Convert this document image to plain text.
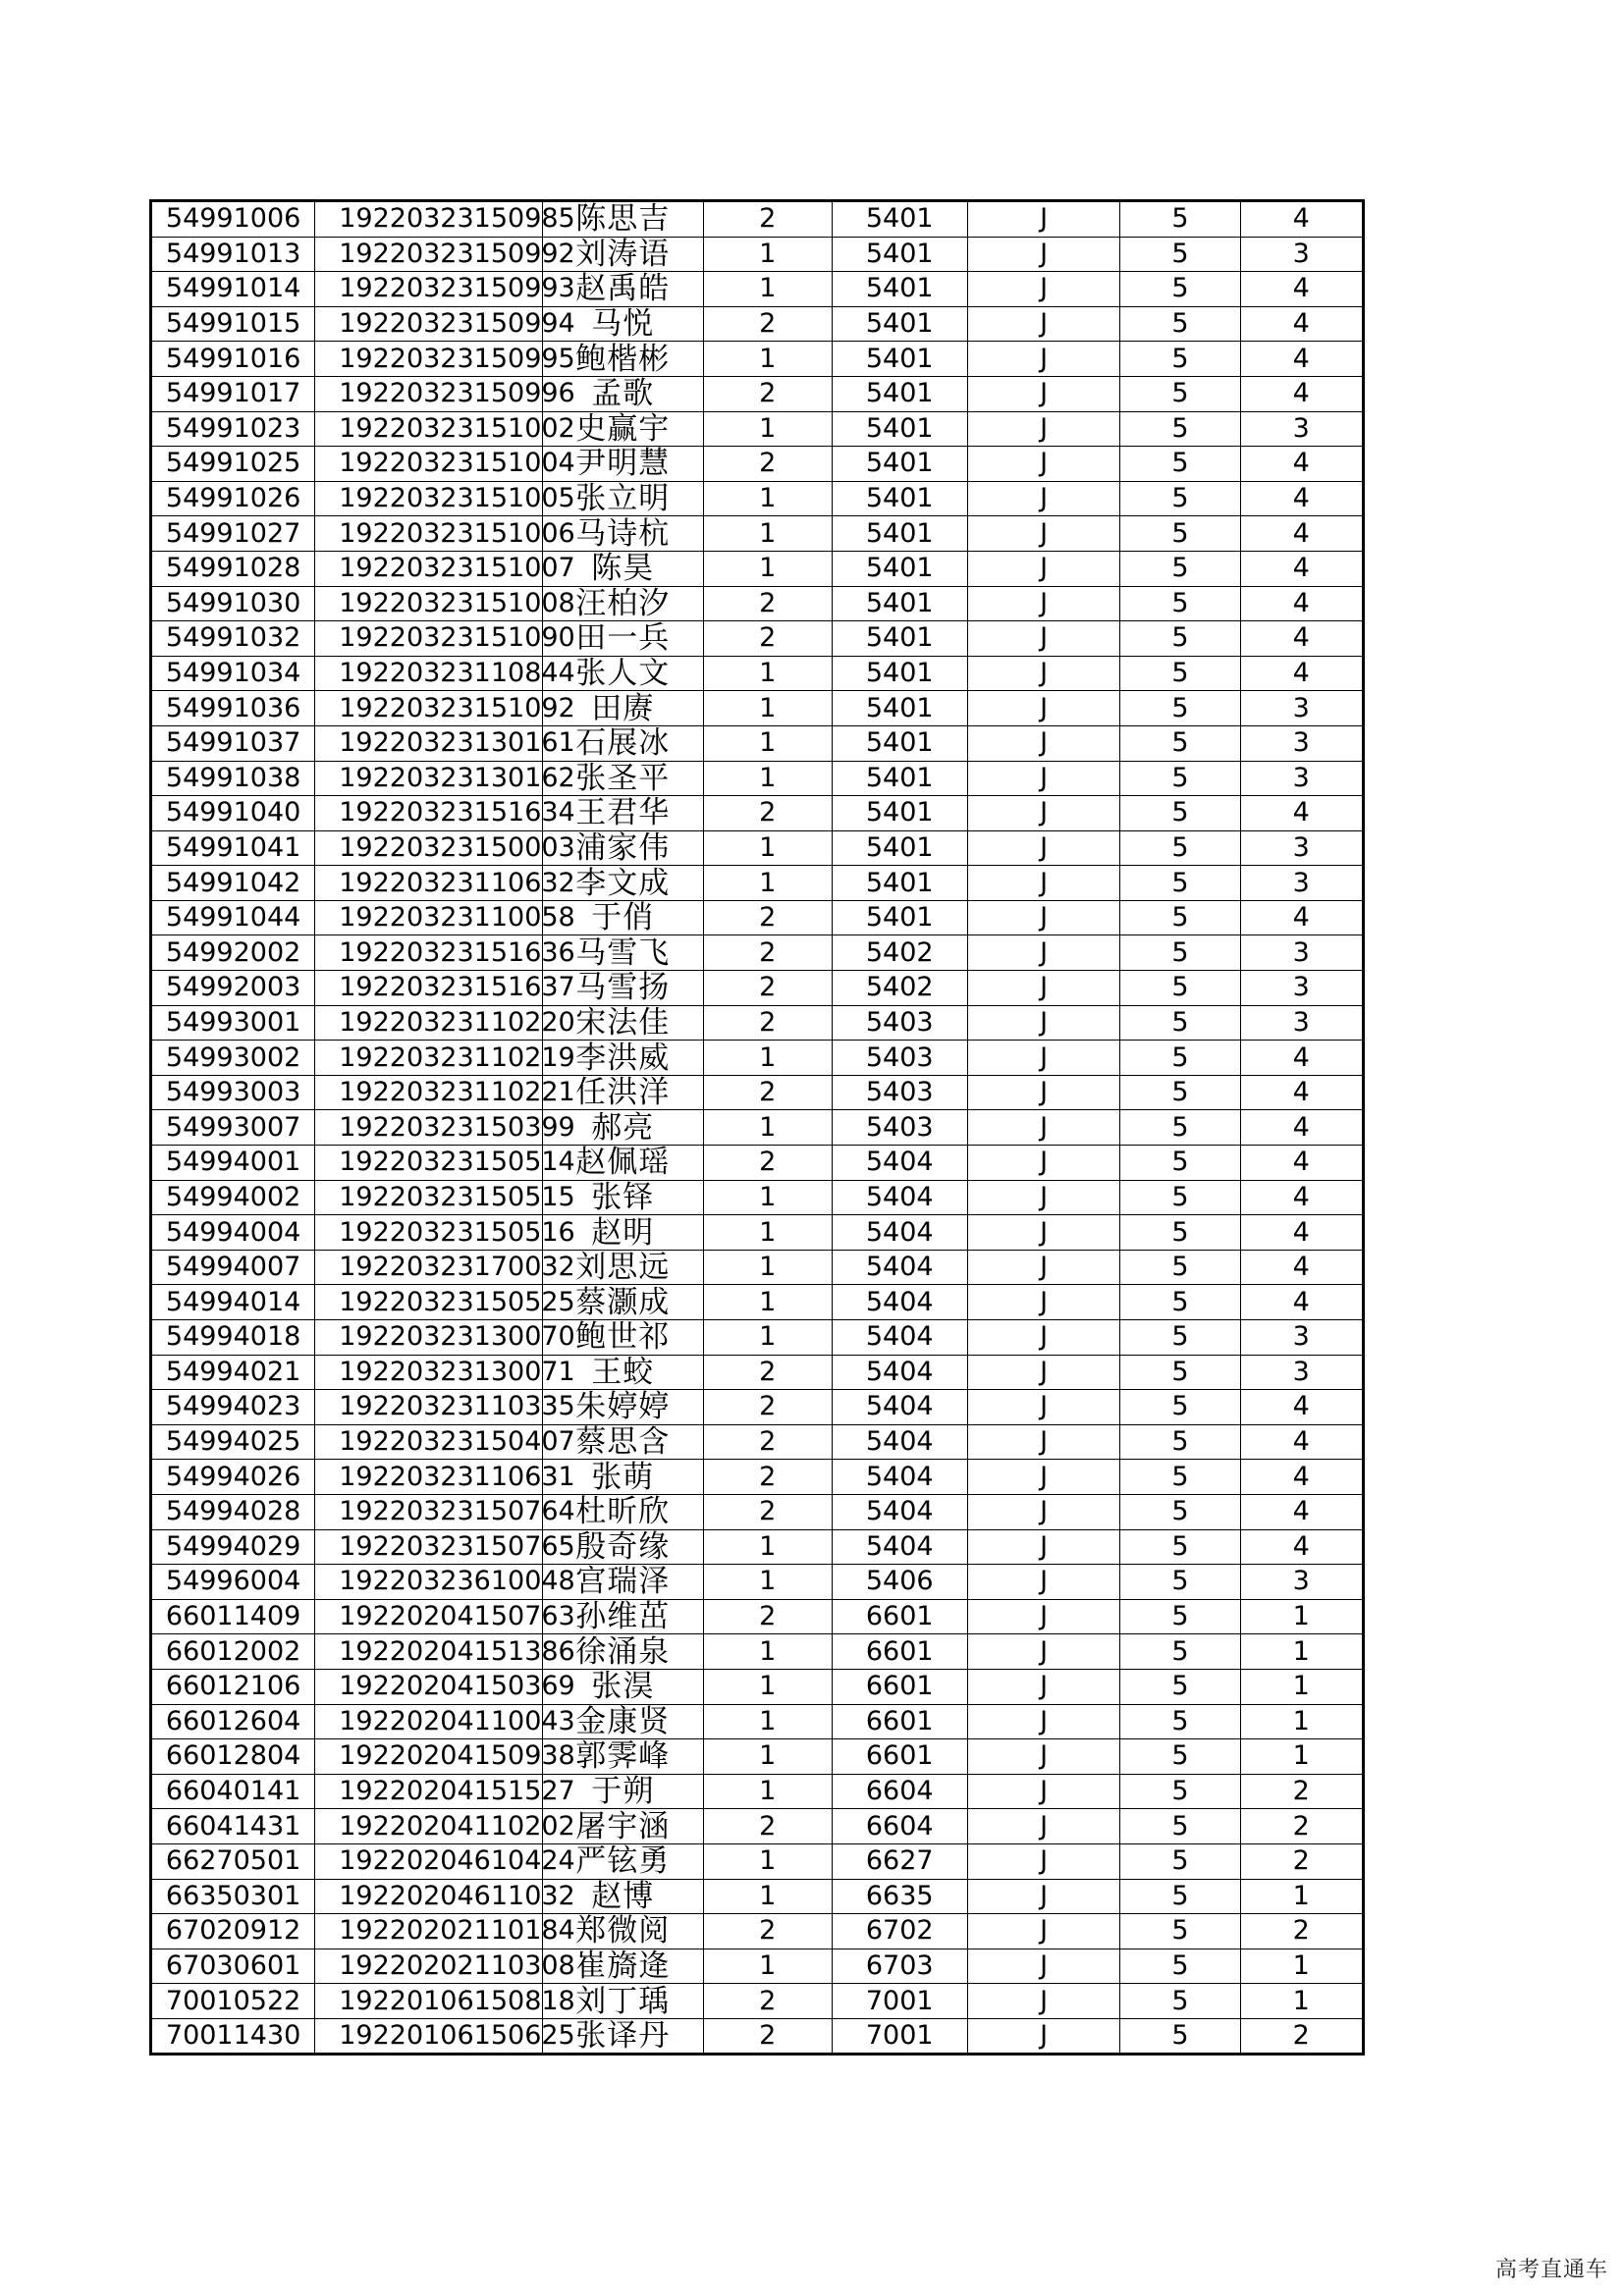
54991006	19220323150985	陈思吉	2	5401	J	5	4
54991013	19220323150992	刘涛语	1	5401	J	5	3
54991014	19220323150993	赵禹皓	1	5401	J	5	4
54991015	19220323150994	马悦	2	5401	J	5	4
54991016	19220323150995	鲍楷彬	1	5401	J	5	4
54991017	19220323150996	孟歌	2	5401	J	5	4
54991023	19220323151002	史赢宇	1	5401	J	5	3
54991025	19220323151004	尹明慧	2	5401	J	5	4
54991026	19220323151005	张立明	1	5401	J	5	4
54991027	19220323151006	马诗杭	1	5401	J	5	4
54991028	19220323151007	陈昊	1	5401	J	5	4
54991030	19220323151008	汪柏汐	2	5401	J	5	4
54991032	19220323151090	田一兵	2	5401	J	5	4
54991034	19220323110844	张人文	1	5401	J	5	4
54991036	19220323151092	田赓	1	5401	J	5	3
54991037	19220323130161	石展冰	1	5401	J	5	3
54991038	19220323130162	张圣平	1	5401	J	5	3
54991040	19220323151634	王君华	2	5401	J	5	4
54991041	19220323150003	浦家伟	1	5401	J	5	3
54991042	19220323110632	李文成	1	5401	J	5	3
54991044	19220323110058	于俏	2	5401	J	5	4
54992002	19220323151636	马雪飞	2	5402	J	5	3
54992003	19220323151637	马雪扬	2	5402	J	5	3
54993001	19220323110220	宋法佳	2	5403	J	5	3
54993002	19220323110219	李洪威	1	5403	J	5	4
54993003	19220323110221	任洪洋	2	5403	J	5	4
54993007	19220323150399	郝亮	1	5403	J	5	4
54994001	19220323150514	赵佩瑶	2	5404	J	5	4
54994002	19220323150515	张铎	1	5404	J	5	4
54994004	19220323150516	赵明	1	5404	J	5	4
54994007	19220323170032	刘思远	1	5404	J	5	4
54994014	19220323150525	蔡灏成	1	5404	J	5	4
54994018	19220323130070	鲍世祁	1	5404	J	5	3
54994021	19220323130071	王蛟	2	5404	J	5	3
54994023	19220323110335	朱婷婷	2	5404	J	5	4
54994025	19220323150407	蔡思含	2	5404	J	5	4
54994026	19220323110631	张萌	2	5404	J	5	4
54994028	19220323150764	杜昕欣	2	5404	J	5	4
54994029	19220323150765	殷奇缘	1	5404	J	5	4
54996004	19220323610048	宫瑞泽	1	5406	J	5	3
66011409	19220204150763	孙维茁	2	6601	J	5	1
66012002	19220204151386	徐涌泉	1	6601	J	5	1
66012106	19220204150369	张淏	1	6601	J	5	1
66012604	19220204110043	金康贤	1	6601	J	5	1
66012804	19220204150938	郭霁峰	1	6601	J	5	1
66040141	19220204151527	于朔	1	6604	J	5	2
66041431	19220204110202	屠宇涵	2	6604	J	5	2
66270501	19220204610424	严铉勇	1	6627	J	5	2
66350301	19220204611032	赵博	1	6635	J	5	1
67020912	19220202110184	郑微阅	2	6702	J	5	2
67030601	19220202110308	崔旖逄	1	6703	J	5	1
70010522	19220106150818	刘丁瑀	2	7001	J	5	1
70011430	19220106150625	张译丹	2	7001	J	5	2
高考直通车
